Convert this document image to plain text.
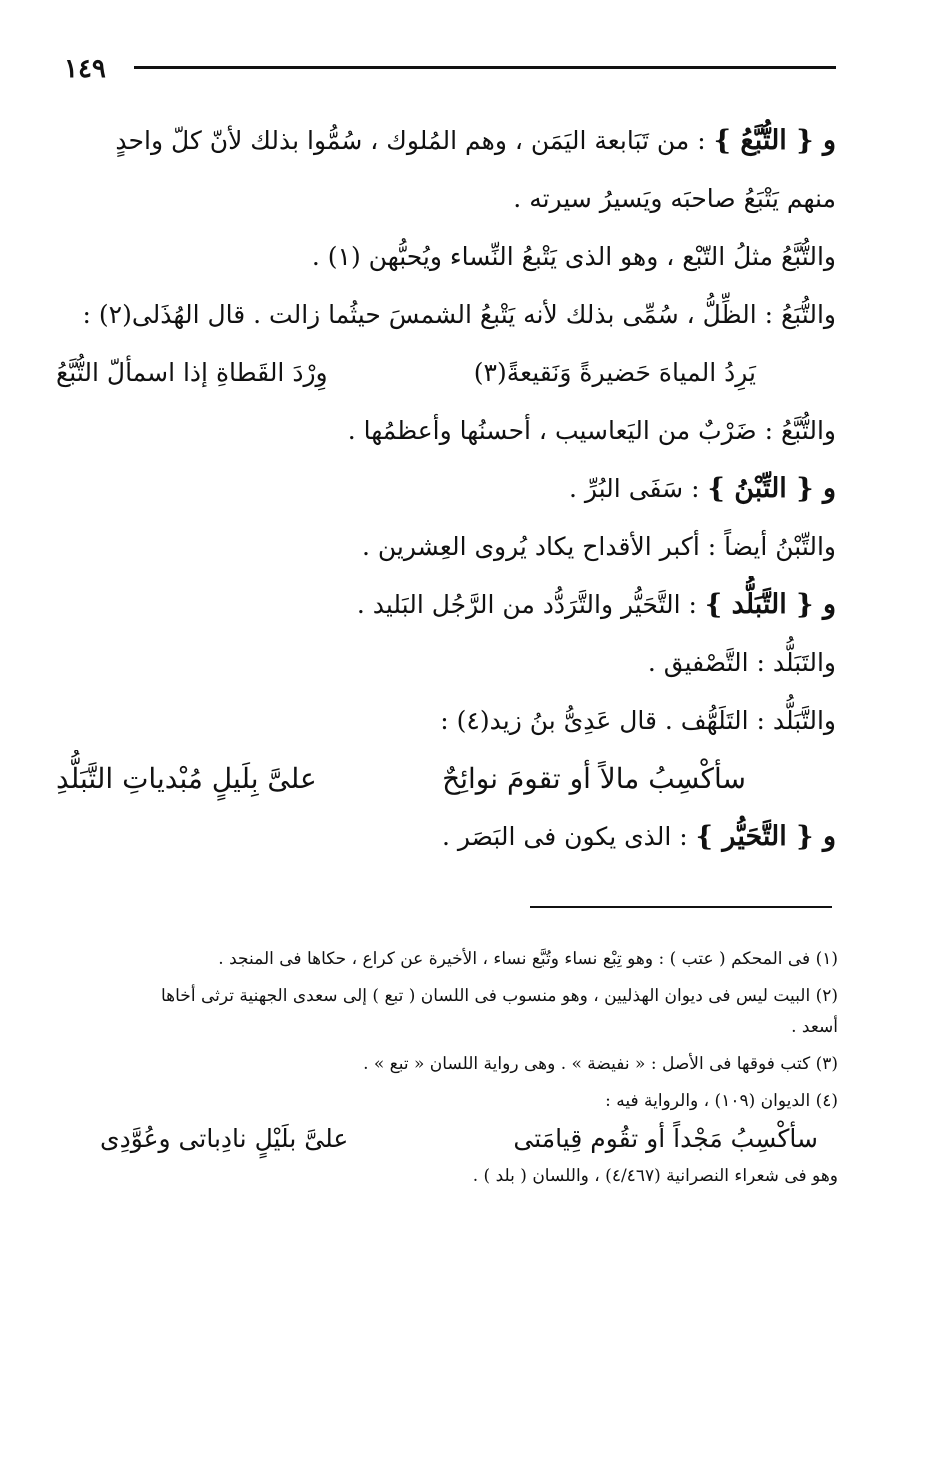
١٤٩

و { التُّبَّعُ } : من تَبَابعة اليَمَن ، وهم المُلوك ، سُمُّوا بذلك لأنّ كلّ واحدٍ

منهم يَتْبَعُ صاحبَه ويَسيرُ سيرته .

والتُّبَّعُ مثلُ التّبْع ، وهو الذى يَتْبعُ النِّساء ويُحبُّهن (١) .

والتُّبَعُ : الظِّلُّ ، سُمِّى بذلك لأنه يَتْبعُ الشمسَ حيثُما زالت . قال الهُذَلى(٢) :

يَرِدُ المياهَ حَضيرةً وَنَقيعةً(٣)
وِرْدَ القَطاةِ إذا اسمألّ التُّبَّعُ

والتُّبَّعُ : ضَرْبٌ من اليَعاسيب ، أحسنُها وأعظمُها .

و { التِّبْنُ } : سَفَى البُرِّ .

والتِّبْنُ أيضاً : أكبر الأقداح يكاد يُروى العِشرين .

و { التَّبَلُّد } : التَّحَيُّر والتَّرَدُّد من الرَّجُل البَليد .

والتَبَلُّد : التَّصْفيق .

والتَّبَلُّد : التَلَهُّف . قال عَدِىُّ بنُ زيد(٤) :

سأكْسِبُ مالاً أو تقومَ نوائِحٌ
علىَّ بِلَيلٍ مُبْدياتِ التَّبَلُّدِ

و { التَّحَيُّر } : الذى يكون فى البَصَر .

(١) فى المحكم ( عتب ) : وهو تِبْع نساء وتُبَّع نساء ، الأخيرة عن كراع ، حكاها فى المنجد .

(٢) البيت ليس فى ديوان الهذليين ، وهو منسوب فى اللسان ( تبع ) إلى سعدى الجهنية ترثى أخاها
أسعد .

(٣) كتب فوقها فى الأصل : « نفيضة » . وهى رواية اللسان « تبع » .

(٤) الديوان (١٠٩) ، والرواية فيه :

سأكْسِبُ مَجْداً أو تقُوم قِيامَتى
علىَّ بلَيْلٍ نادِباتى وعُوَّدِى

وهو فى شعراء النصرانية (٤/٤٦٧) ، واللسان ( بلد ) .
